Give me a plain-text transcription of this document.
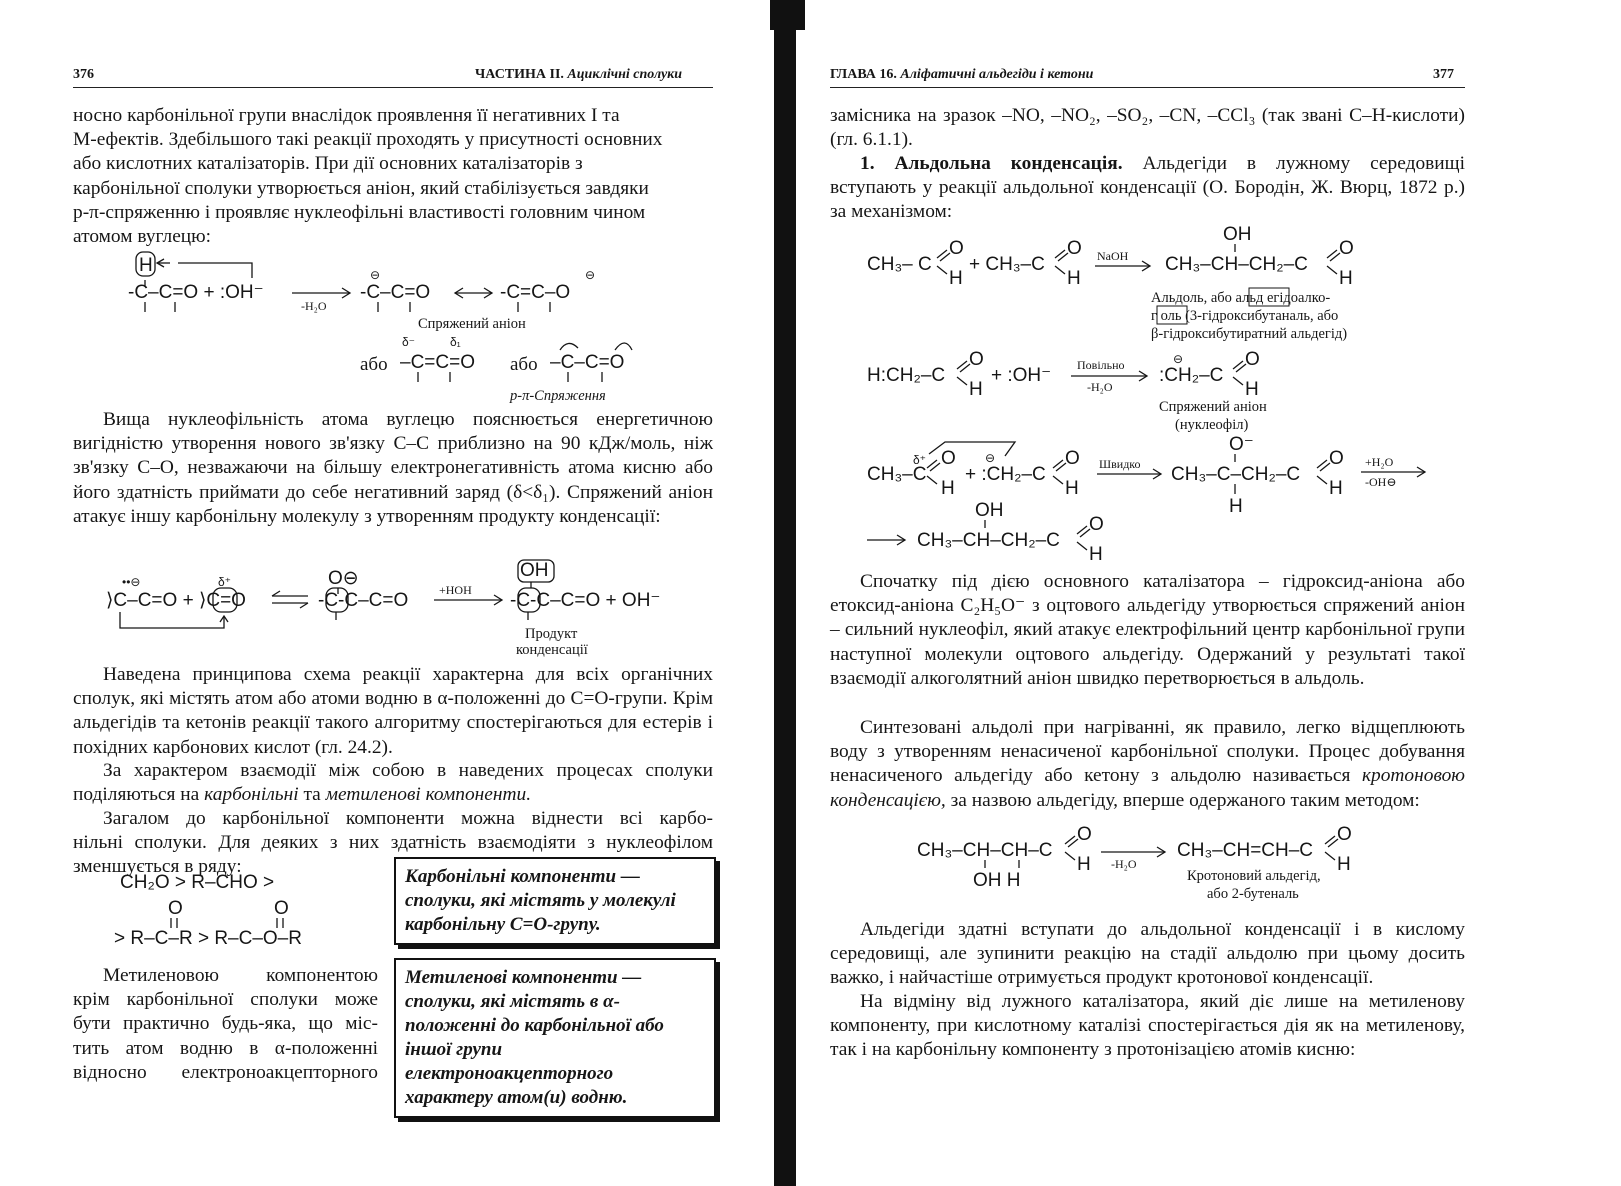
376	ЧАСТИНА II. Ациклічні сполуки

носно карбонільної групи внаслідок проявлення її негативних I та

M-ефектів. Здебільшого такі реакції проходять у присутності основних

або кислотних каталізаторів. При дії основних каталізаторів з

карбонільної сполуки утворюється аніон, який стабілізується завдяки

p-π-спряженню і проявляє нуклеофільні властивості головним чином

атомом вуглецю:

H
-C–C=O + :OH⁻
-H₂O
⊖
-C–C=O	-C=C–O
⊖
Спряжений аніон
або
δ⁻	δ₁
–C=C=O або –C–C=O
p-π-Спряження

Вища нуклеофільність атома вуглецю пояснюється енергетичною вигідністю утворення нового зв'язку C–C приблизно на 90 кДж/моль, ніж зв'язку C–O, незважаючи на більшу електронегативність атома кисню або його здатність приймати до себе негативний заряд (δ<δ₁). Спряжений аніон атакує іншу карбонільну молекулу з утворенням продукту конденсації:

⟩C–C=O + ⟩C=O
••⊖	δ⁺	O⊖
-C-C–C=O	+HOH
OH
-C-C–C=O + OH⁻
Продукт
конденсації

Наведена принципова схема реакції характерна для всіх органічних сполук, які містять атом або атоми водню в α-положенні до C=O-групи. Крім альдегідів та кетонів реакції такого алгоритму спостерігаються для естерів і похідних карбонових кислот (гл. 24.2).

За характером взаємодії між собою в наведених процесах сполуки поділяються на карбонільні та метиленові компоненти.

Загалом до карбонільної компоненти можна віднести всі карбо-

нільні сполуки. Для деяких з них здатність взаємодіяти з нуклеофілом

зменшується в ряду:

CH₂O > R–CHO >
O	O
> R–C–R > R–C–O–R

Метиленовою компонентою

крім карбонільної сполуки може

бути практично будь-яка, що міс-

тить атом водню в α-положенні

відносно електроноакцепторного

Карбонільні компоненти — сполуки, які містять у молекулі карбонільну C=O-групу.

Метиленові компоненти — сполуки, які містять в α-положенні до карбонільної або іншої групи електроноакцепторного характеру атом(и) водню.

ГЛАВА 16. Аліфатичні альдегіди і кетони	377

замісника на зразок –NO, –NO₂, –SO₂, –CN, –CCl₃ (так звані C–H-кислоти) (гл. 6.1.1).

1. Альдольна конденсація. Альдегіди в лужному середовищі вступають у реакції альдольної конденсації (О. Бородін, Ж. Вюрц, 1872 р.) за механізмом:

CH₃– C
O
H
+ CH₃–C
O
H
NaOH
OH
CH₃–CH–CH₂–C
O
H
Альдоль, або альд егідоалко-
г оль (3-гідроксибутаналь, або
β-гідроксибутиратний альдегід)
H:CH₂–C
O
H
+ :OH⁻ Повільно
-H₂O
:CH₂–C
⊖	O
H
Спряжений аніон
(нуклеофіл)
δ⁺
CH₃–C
O
H
+ :CH₂–C
⊖	O
H
Швидко
O⁻
CH₃–C–CH₂–C
H
O
H
+H₂O
-OH⊖
OH
CH₃–CH–CH₂–C
O
H

Спочатку під дією основного каталізатора – гідроксид-аніона або етоксид-аніона C₂H₅O⁻ з оцтового альдегіду утворюється спряжений аніон – сильний нуклеофіл, який атакує електрофільний центр карбонільної групи наступної молекули оцтового альдегіду. Одержаний у результаті такої взаємодії алкоголятний аніон швидко перетворюється в альдоль.

Синтезовані альдолі при нагріванні, як правило, легко відщеплюють воду з утворенням ненасиченої карбонільної сполуки. Процес добування ненасиченого альдегіду або кетону з альдолю називається кротоновою конденсацією, за назвою альдегіду, вперше одержаного таким методом:

CH₃–CH–CH–C
O
H
OH H
-H₂O
CH₃–CH=CH–C
O
H
Кротоновий альдегід,
або 2-бутеналь

Альдегіди здатні вступати до альдольної конденсації і в кислому середовищі, але зупинити реакцію на стадії альдолю при цьому досить важко, і найчастіше отримується продукт кротонової конденсації.

На відміну від лужного каталізатора, який діє лише на метиленову компоненту, при кислотному каталізі спостерігається дія як на метиленову, так і на карбонільну компоненту з протонізацією атомів кисню:
